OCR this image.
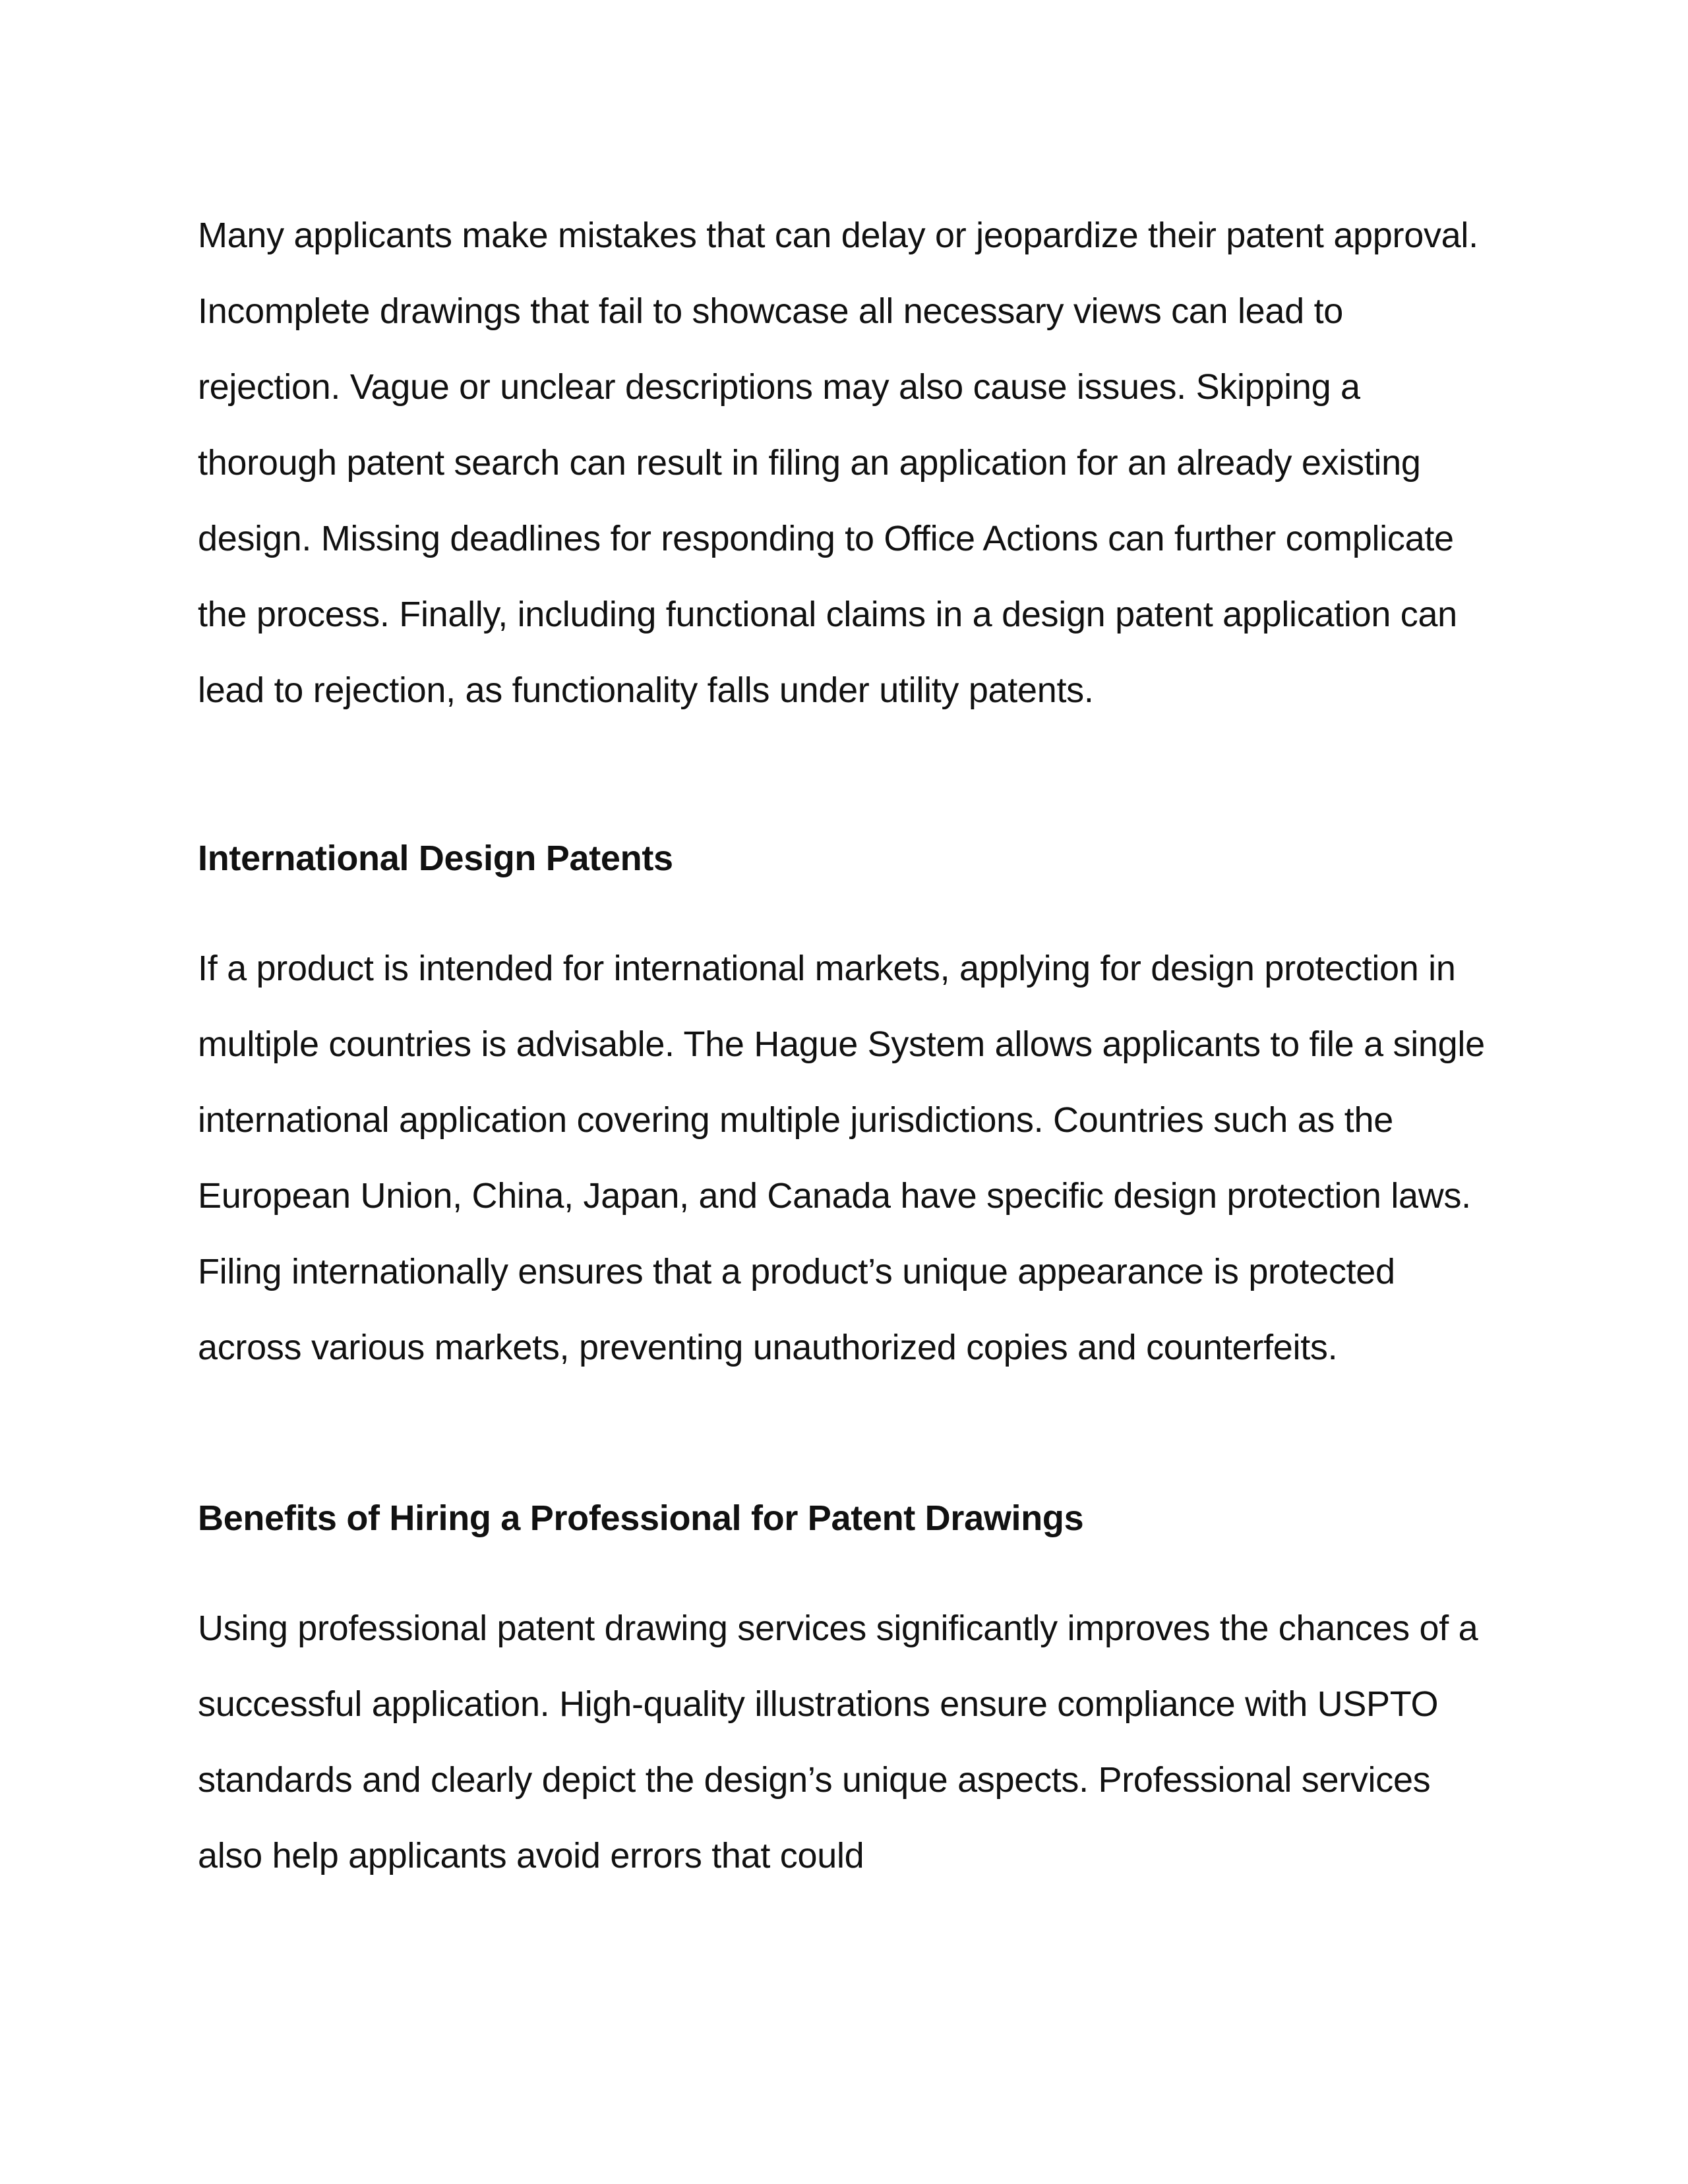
Many applicants make mistakes that can delay or jeopardize their patent approval. Incomplete drawings that fail to showcase all necessary views can lead to rejection. Vague or unclear descriptions may also cause issues. Skipping a thorough patent search can result in filing an application for an already existing design. Missing deadlines for responding to Office Actions can further complicate the process. Finally, including functional claims in a design patent application can lead to rejection, as functionality falls under utility patents.

International Design Patents

If a product is intended for international markets, applying for design protection in multiple countries is advisable. The Hague System allows applicants to file a single international application covering multiple jurisdictions. Countries such as the European Union, China, Japan, and Canada have specific design protection laws. Filing internationally ensures that a product’s unique appearance is protected across various markets, preventing unauthorized copies and counterfeits.

Benefits of Hiring a Professional for Patent Drawings

Using professional patent drawing services significantly improves the chances of a successful application. High-quality illustrations ensure compliance with USPTO standards and clearly depict the design’s unique aspects. Professional services also help applicants avoid errors that could
